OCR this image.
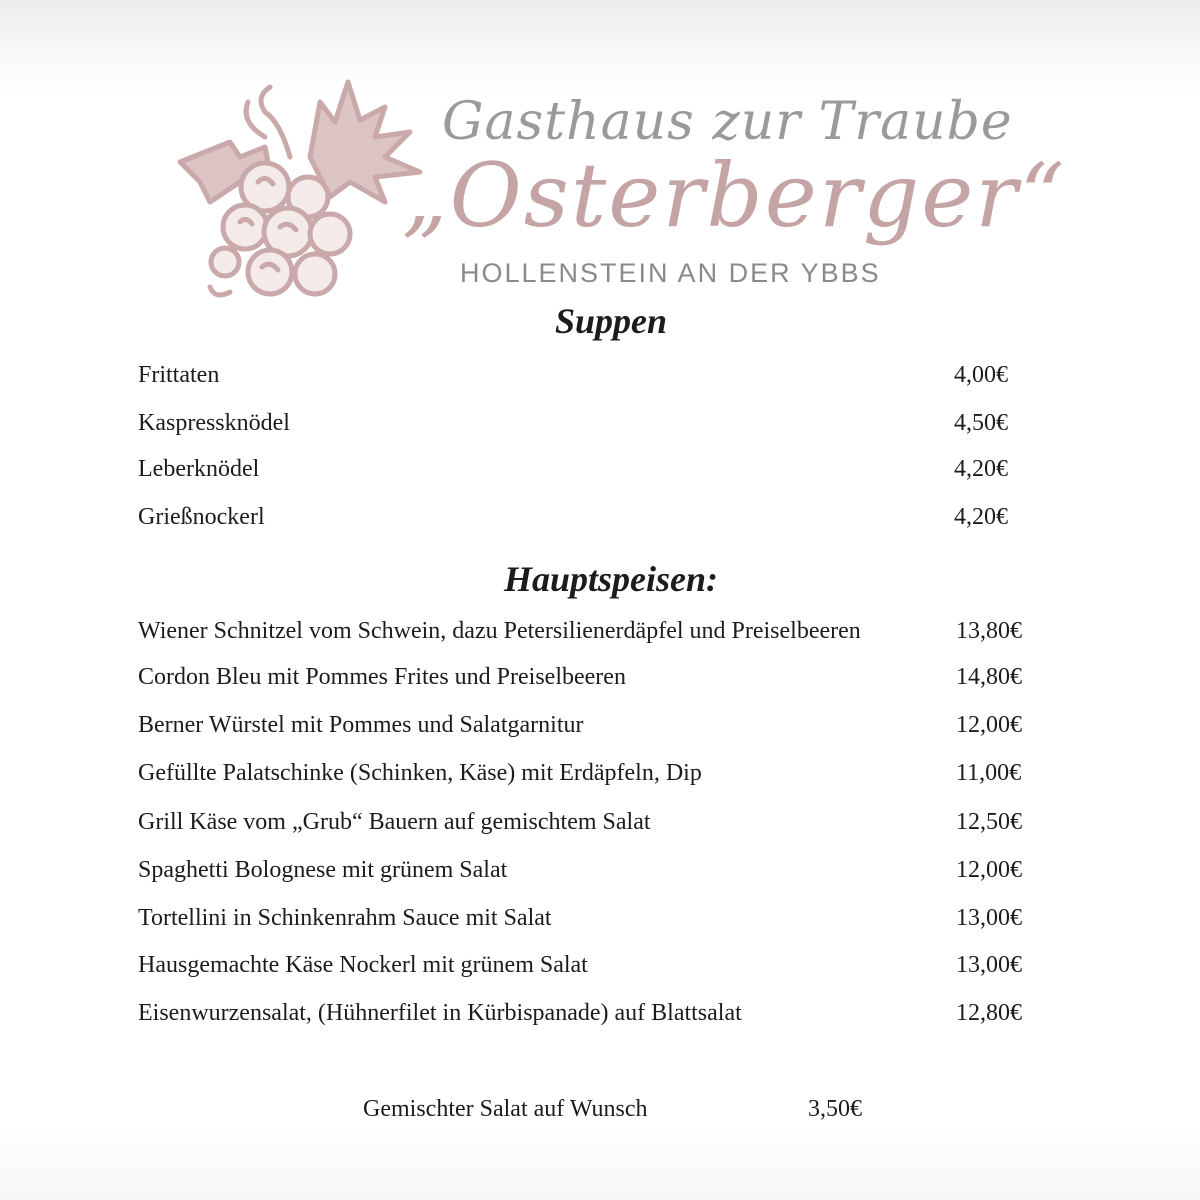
Gasthaus zur Traube
„Osterberger“
HOLLENSTEIN AN DER YBBS
Suppen
Frittaten	4,00€
Kaspressknödel	4,50€
Leberknödel	4,20€
Grießnockerl	4,20€
Hauptspeisen:
Wiener Schnitzel vom Schwein, dazu Petersilienerdäpfel und Preiselbeeren	13,80€
Cordon Bleu mit Pommes Frites und Preiselbeeren	14,80€
Berner Würstel mit Pommes und Salatgarnitur	12,00€
Gefüllte Palatschinke (Schinken, Käse) mit Erdäpfeln, Dip	11,00€
Grill Käse vom „Grub“ Bauern auf gemischtem Salat	12,50€
Spaghetti Bolognese mit grünem Salat	12,00€
Tortellini in Schinkenrahm Sauce mit Salat	13,00€
Hausgemachte Käse Nockerl mit grünem Salat	13,00€
Eisenwurzensalat, (Hühnerfilet in Kürbispanade) auf Blattsalat	12,80€
Gemischter Salat auf Wunsch	3,50€
